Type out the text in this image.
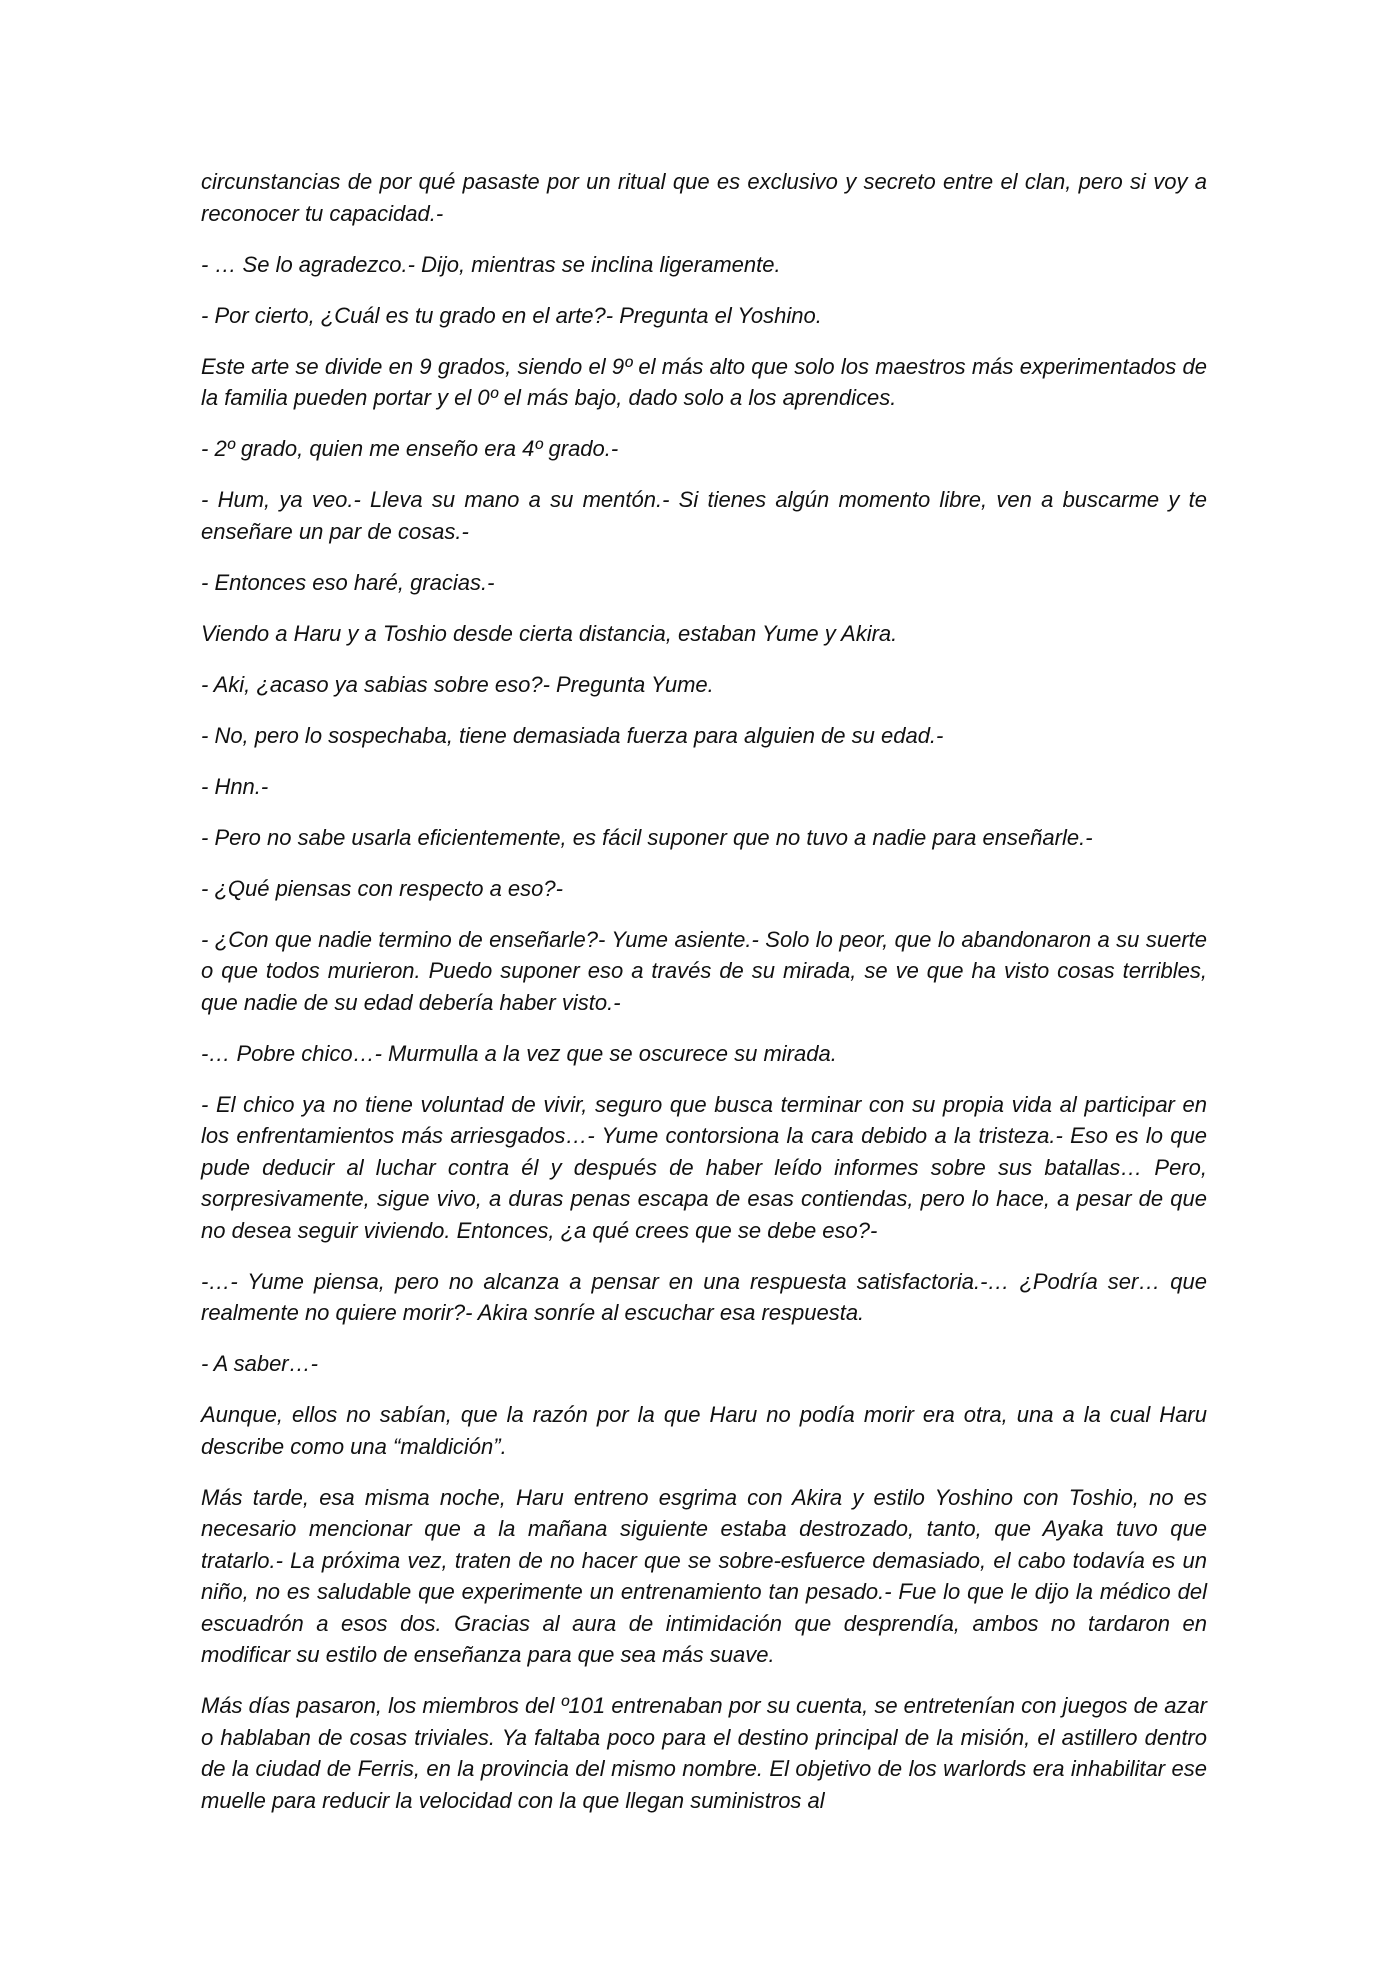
circunstancias de por qué pasaste por un ritual que es exclusivo y secreto entre el clan, pero si voy a reconocer tu capacidad.-

- … Se lo agradezco.- Dijo, mientras se inclina ligeramente.

- Por cierto, ¿Cuál es tu grado en el arte?- Pregunta el Yoshino.

Este arte se divide en 9 grados, siendo el 9º el más alto que solo los maestros más experimentados de la familia pueden portar y el 0º el más bajo, dado solo a los aprendices.

- 2º grado, quien me enseño era 4º grado.-

- Hum, ya veo.- Lleva su mano a su mentón.- Si tienes algún momento libre, ven a buscarme y te enseñare un par de cosas.-

- Entonces eso haré, gracias.-

Viendo a Haru y a Toshio desde cierta distancia, estaban Yume y Akira.

- Aki, ¿acaso ya sabias sobre eso?- Pregunta Yume.

- No, pero lo sospechaba, tiene demasiada fuerza para alguien de su edad.-

- Hnn.-

- Pero no sabe usarla eficientemente, es fácil suponer que no tuvo a nadie para enseñarle.-

- ¿Qué piensas con respecto a eso?-

- ¿Con que nadie termino de enseñarle?- Yume asiente.- Solo lo peor, que lo abandonaron a su suerte o que todos murieron. Puedo suponer eso a través de su mirada, se ve que ha visto cosas terribles, que nadie de su edad debería haber visto.-

-… Pobre chico…- Murmulla a la vez que se oscurece su mirada.

- El chico ya no tiene voluntad de vivir, seguro que busca terminar con su propia vida al participar en los enfrentamientos más arriesgados…- Yume contorsiona la cara debido a la tristeza.- Eso es lo que pude deducir al luchar contra él y después de haber leído informes sobre sus batallas… Pero, sorpresivamente, sigue vivo, a duras penas escapa de esas contiendas, pero lo hace, a pesar de que no desea seguir viviendo. Entonces, ¿a qué crees que se debe eso?-

-…- Yume piensa, pero no alcanza a pensar en una respuesta satisfactoria.-… ¿Podría ser… que realmente no quiere morir?- Akira sonríe al escuchar esa respuesta.

- A saber…-

Aunque, ellos no sabían, que la razón por la que Haru no podía morir era otra, una a la cual Haru describe como una “maldición”.

Más tarde, esa misma noche, Haru entreno esgrima con Akira y estilo Yoshino con Toshio, no es necesario mencionar que a la mañana siguiente estaba destrozado, tanto, que Ayaka tuvo que tratarlo.- La próxima vez, traten de no hacer que se sobre-esfuerce demasiado, el cabo todavía es un niño, no es saludable que experimente un entrenamiento tan pesado.- Fue lo que le dijo la médico del escuadrón a esos dos. Gracias al aura de intimidación que desprendía, ambos no tardaron en modificar su estilo de enseñanza para que sea más suave.

Más días pasaron, los miembros del º101 entrenaban por su cuenta, se entretenían con juegos de azar o hablaban de cosas triviales. Ya faltaba poco para el destino principal de la misión, el astillero dentro de la ciudad de Ferris, en la provincia del mismo nombre. El objetivo de los warlords era inhabilitar ese muelle para reducir la velocidad con la que llegan suministros al
